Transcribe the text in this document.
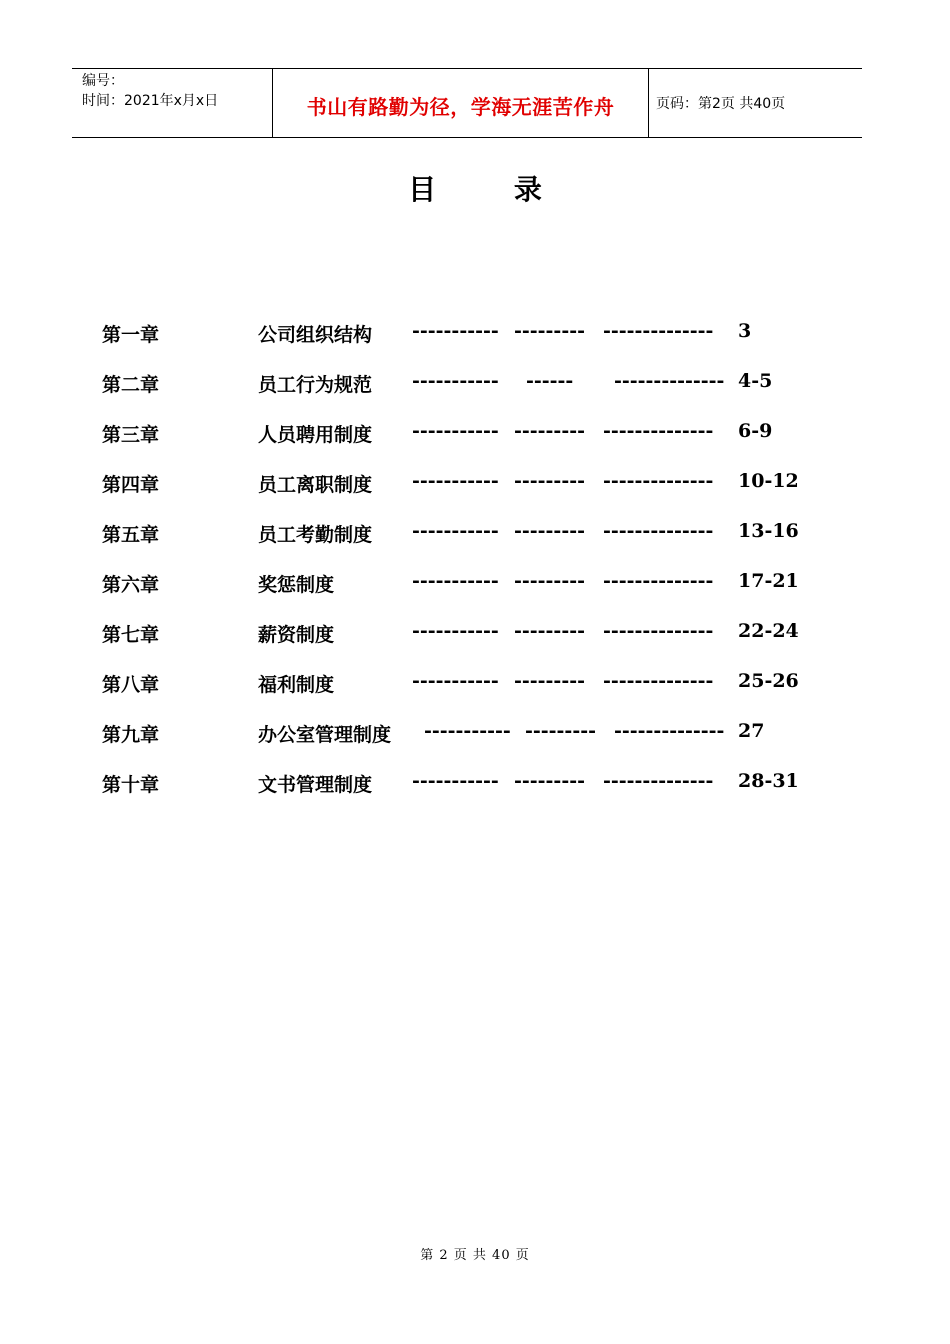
编号：
时间：2021年x月x日	书山有路勤为径，学海无涯苦作舟	页码：第2页 共40页
目 录
第一章	公司组织结构 ----------- --------- -------------- 3
第二章	员工行为规范 ----------- ------ -------------- 4-5
第三章	人员聘用制度 ----------- --------- -------------- 6-9
第四章	员工离职制度 ----------- --------- -------------- 10-12
第五章	员工考勤制度 ----------- --------- -------------- 13-16
第六章	奖惩制度	----------- --------- -------------- 17-21
第七章	薪资制度	----------- --------- -------------- 22-24
第八章	福利制度	----------- --------- -------------- 25-26
第九章	办公室管理制度 ----------- --------- -------------- 27
第十章	文书管理制度 ----------- --------- -------------- 28-31
第 2 页 共 40 页
